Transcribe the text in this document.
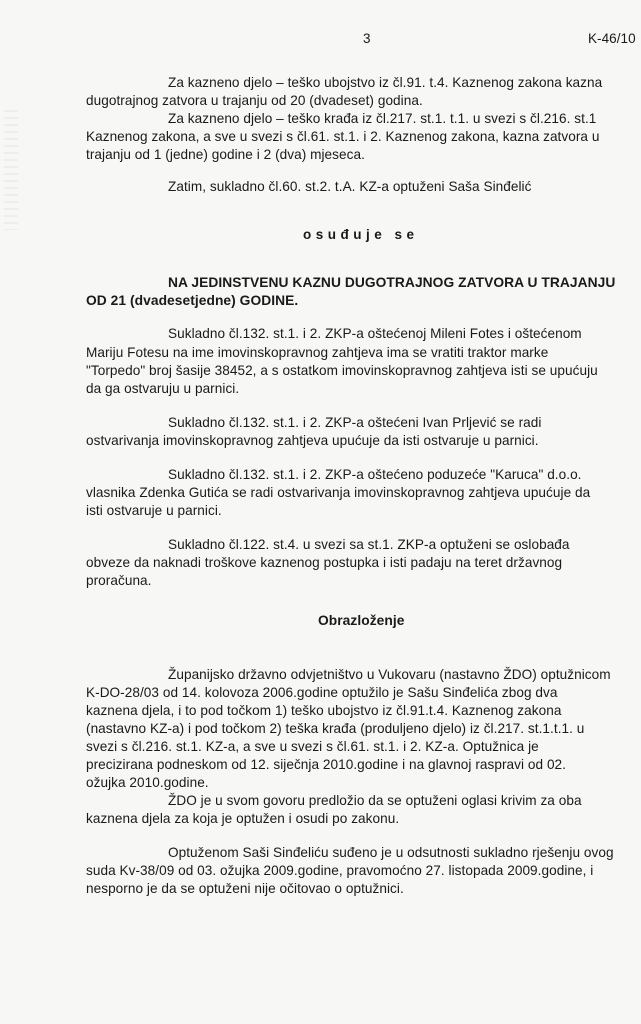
3	K-46/10
Za kazneno djelo – teško ubojstvo iz čl.91. t.4. Kaznenog zakona kazna
dugotrajnog zatvora u trajanju od 20 (dvadeset) godina.
Za kazneno djelo – teško krađa iz čl.217. st.1. t.1. u svezi s čl.216. st.1
Kaznenog zakona, a sve u svezi s čl.61. st.1. i 2. Kaznenog zakona, kazna zatvora u
trajanju od 1 (jedne) godine i 2 (dva) mjeseca.
Zatim, sukladno čl.60. st.2. t.A. KZ-a optuženi Saša Sinđelić
Sukladno čl.132. st.1. i 2. ZKP-a oštećenoj Mileni Fotes i oštećenom
Mariju Fotesu na ime imovinskopravnog zahtjeva ima se vratiti traktor marke
"Torpedo" broj šasije 38452, a s ostatkom imovinskopravnog zahtjeva isti se upućuju
da ga ostvaruju u parnici.
Sukladno čl.132. st.1. i 2. ZKP-a oštećeni Ivan Prljević se radi
ostvarivanja imovinskopravnog zahtjeva upućuje da isti ostvaruje u parnici.
Sukladno čl.132. st.1. i 2. ZKP-a oštećeno poduzeće "Karuca" d.o.o.
vlasnika Zdenka Gutića se radi ostvarivanja imovinskopravnog zahtjeva upućuje da
isti ostvaruje u parnici.
Sukladno čl.122. st.4. u svezi sa st.1. ZKP-a optuženi se oslobađa
obveze da naknadi troškove kaznenog postupka i isti padaju na teret državnog
proračuna.
Županijsko državno odvjetništvo u Vukovaru (nastavno ŽDO) optužnicom
K-DO-28/03 od 14. kolovoza 2006.godine optužilo je Sašu Sinđelića zbog dva
kaznena djela, i to pod točkom 1) teško ubojstvo iz čl.91.t.4. Kaznenog zakona
(nastavno KZ-a) i pod točkom 2) teška krađa (produljeno djelo) iz čl.217. st.1.t.1. u
svezi s čl.216. st.1. KZ-a, a sve u svezi s čl.61. st.1. i 2. KZ-a. Optužnica je
precizirana podneskom od 12. siječnja 2010.godine i na glavnoj raspravi od 02.
ožujka 2010.godine.
ŽDO je u svom govoru predložio da se optuženi oglasi krivim za oba
kaznena djela za koja je optužen i osudi po zakonu.
Optuženom Saši Sinđeliću suđeno je u odsutnosti sukladno rješenju ovog
suda Kv-38/09 od 03. ožujka 2009.godine, pravomoćno 27. listopada 2009.godine, i
nesporno je da se optuženi nije očitovao o optužnici.
osuđuje se
NA JEDINSTVENU KAZNU DUGOTRAJNOG ZATVORA U TRAJANJU
OD 21 (dvadesetjedne) GODINE.
Obrazloženje
